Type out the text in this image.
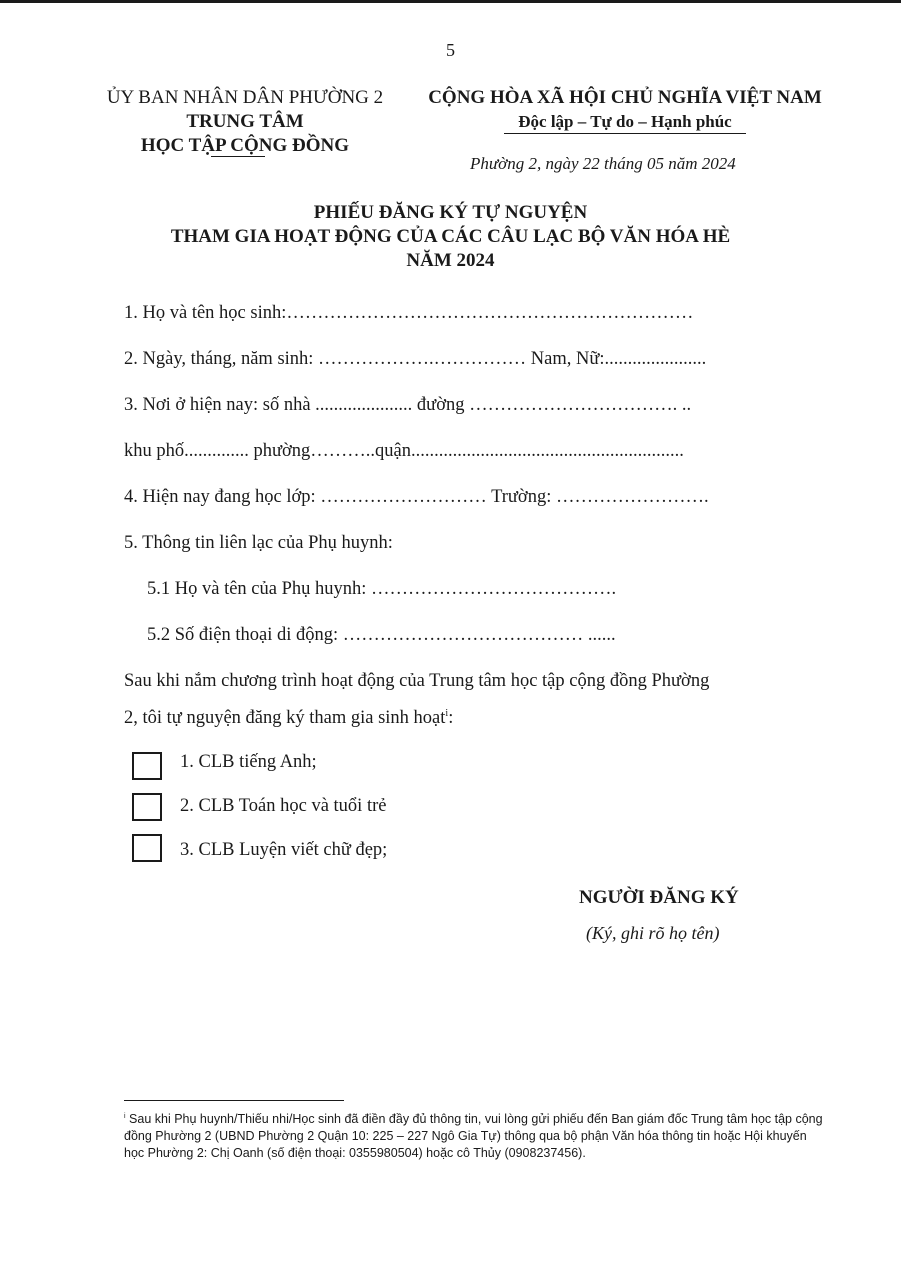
5
ỦY BAN NHÂN DÂN PHƯỜNG 2
TRUNG TÂM
HỌC TẬP CỘNG ĐỒNG
CỘNG HÒA XÃ HỘI CHỦ NGHĨA VIỆT NAM
Độc lập – Tự do – Hạnh phúc
Phường 2, ngày 22 tháng 05 năm 2024
PHIẾU ĐĂNG KÝ TỰ NGUYỆN
THAM GIA HOẠT ĐỘNG CỦA CÁC CÂU LẠC BỘ VĂN HÓA HÈ
NĂM 2024
1. Họ và tên học sinh:…………………………………………………………
2. Ngày, tháng, năm sinh: ……………….…………… Nam, Nữ:......................
3. Nơi ở hiện nay: số nhà ..................... đường ……………………………. ..
khu phố.............. phường………..quận...........................................................
4. Hiện nay đang học lớp: ……………………… Trường: …………………….
5. Thông tin liên lạc của Phụ huynh:
5.1 Họ và tên của Phụ huynh: ………………………………….
5.2 Số điện thoại di động: ………………………………… ......
Sau khi nắm chương trình hoạt động của Trung tâm học tập cộng đồng Phường
2, tôi tự nguyện đăng ký tham gia sinh hoạt$^i$:
1. CLB tiếng Anh;
2. CLB Toán học và tuổi trẻ
3. CLB Luyện viết chữ đẹp;
NGƯỜI ĐĂNG KÝ
(Ký, ghi rõ họ tên)
$^i$ Sau khi Phụ huynh/Thiếu nhi/Học sinh đã điền đầy đủ thông tin, vui lòng gửi phiếu đến Ban giám đốc Trung tâm học tập cộng đồng Phường 2 (UBND Phường 2 Quận 10: 225 – 227 Ngô Gia Tự) thông qua bộ phận Văn hóa thông tin hoặc Hội khuyến học Phường 2: Chị Oanh (số điện thoại: 0355980504) hoặc cô Thủy (0908237456).
